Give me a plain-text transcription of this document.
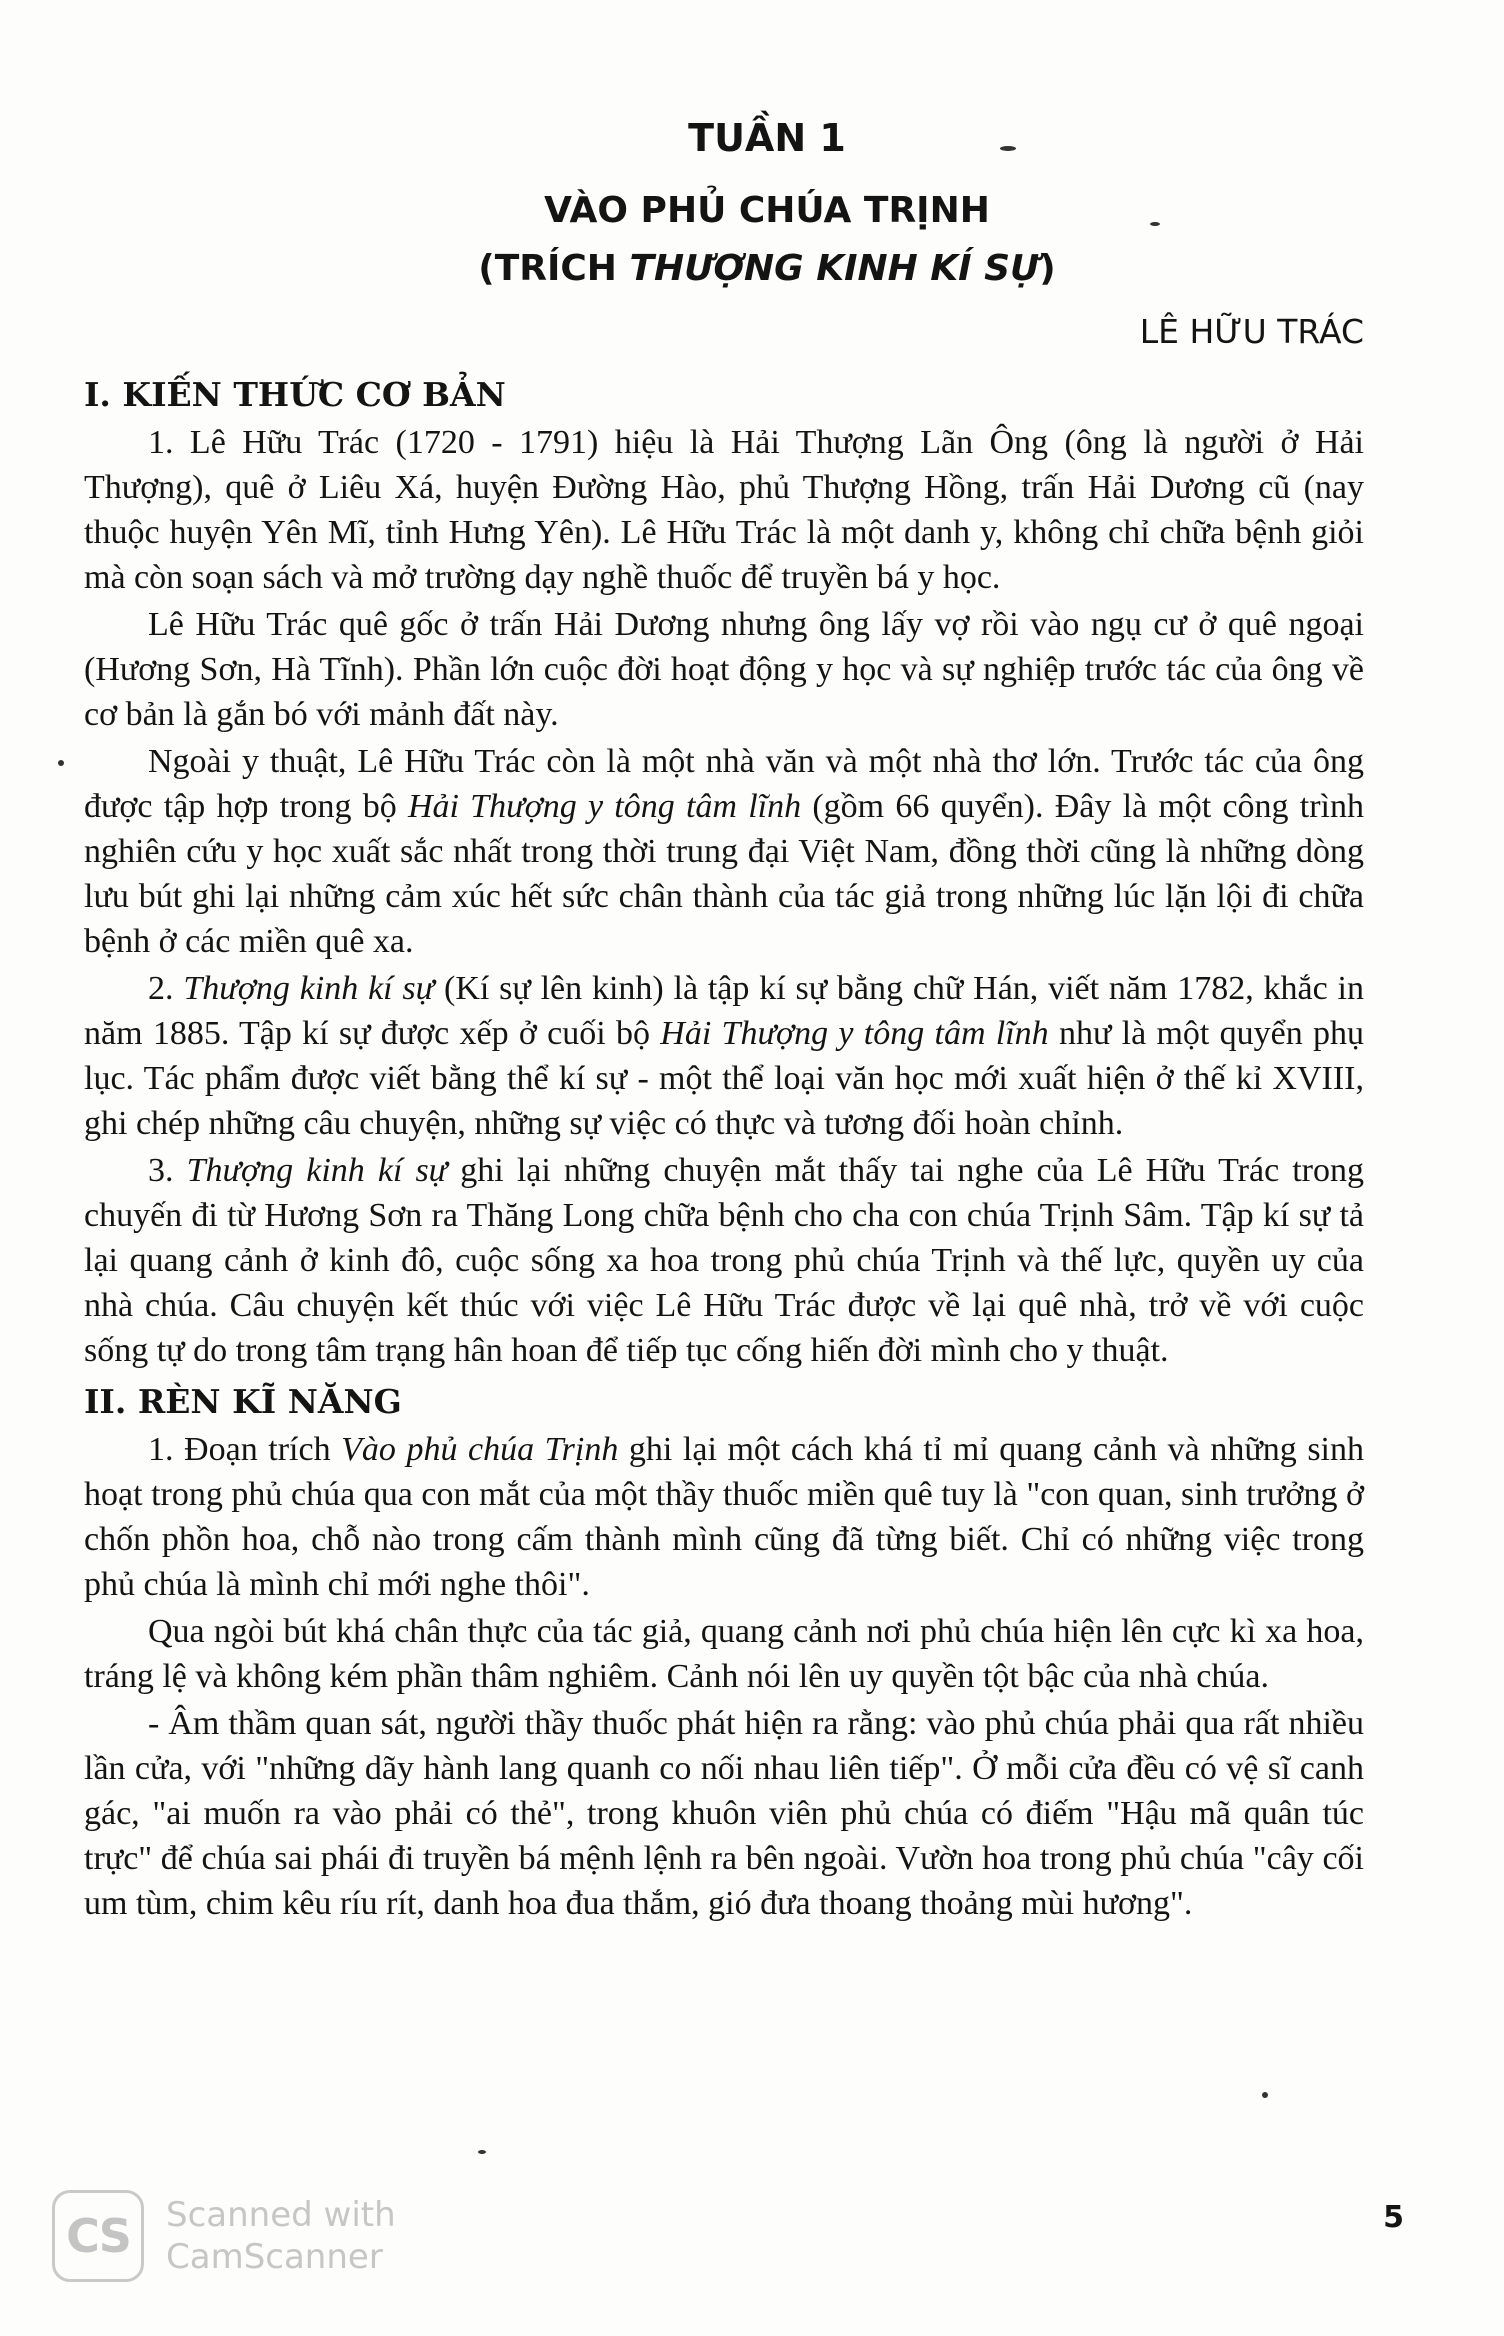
TUẦN 1
VÀO PHỦ CHÚA TRỊNH
(TRÍCH THƯỢNG KINH KÍ SỰ)
LÊ HỮU TRÁC
I. KIẾN THỨC CƠ BẢN

1. Lê Hữu Trác (1720 - 1791) hiệu là Hải Thượng Lãn Ông (ông là người ở Hải Thượng), quê ở Liêu Xá, huyện Đường Hào, phủ Thượng Hồng, trấn Hải Dương cũ (nay thuộc huyện Yên Mĩ, tỉnh Hưng Yên). Lê Hữu Trác là một danh y, không chỉ chữa bệnh giỏi mà còn soạn sách và mở trường dạy nghề thuốc để truyền bá y học.

Lê Hữu Trác quê gốc ở trấn Hải Dương nhưng ông lấy vợ rồi vào ngụ cư ở quê ngoại (Hương Sơn, Hà Tĩnh). Phần lớn cuộc đời hoạt động y học và sự nghiệp trước tác của ông về cơ bản là gắn bó với mảnh đất này.

Ngoài y thuật, Lê Hữu Trác còn là một nhà văn và một nhà thơ lớn. Trước tác của ông được tập hợp trong bộ Hải Thượng y tông tâm lĩnh (gồm 66 quyển). Đây là một công trình nghiên cứu y học xuất sắc nhất trong thời trung đại Việt Nam, đồng thời cũng là những dòng lưu bút ghi lại những cảm xúc hết sức chân thành của tác giả trong những lúc lặn lội đi chữa bệnh ở các miền quê xa.

2. Thượng kinh kí sự (Kí sự lên kinh) là tập kí sự bằng chữ Hán, viết năm 1782, khắc in năm 1885. Tập kí sự được xếp ở cuối bộ Hải Thượng y tông tâm lĩnh như là một quyển phụ lục. Tác phẩm được viết bằng thể kí sự - một thể loại văn học mới xuất hiện ở thế kỉ XVIII, ghi chép những câu chuyện, những sự việc có thực và tương đối hoàn chỉnh.

3. Thượng kinh kí sự ghi lại những chuyện mắt thấy tai nghe của Lê Hữu Trác trong chuyến đi từ Hương Sơn ra Thăng Long chữa bệnh cho cha con chúa Trịnh Sâm. Tập kí sự tả lại quang cảnh ở kinh đô, cuộc sống xa hoa trong phủ chúa Trịnh và thế lực, quyền uy của nhà chúa. Câu chuyện kết thúc với việc Lê Hữu Trác được về lại quê nhà, trở về với cuộc sống tự do trong tâm trạng hân hoan để tiếp tục cống hiến đời mình cho y thuật.

II. RÈN KĨ NĂNG

1. Đoạn trích Vào phủ chúa Trịnh ghi lại một cách khá tỉ mỉ quang cảnh và những sinh hoạt trong phủ chúa qua con mắt của một thầy thuốc miền quê tuy là "con quan, sinh trưởng ở chốn phồn hoa, chỗ nào trong cấm thành mình cũng đã từng biết. Chỉ có những việc trong phủ chúa là mình chỉ mới nghe thôi".

Qua ngòi bút khá chân thực của tác giả, quang cảnh nơi phủ chúa hiện lên cực kì xa hoa, tráng lệ và không kém phần thâm nghiêm. Cảnh nói lên uy quyền tột bậc của nhà chúa.

- Âm thầm quan sát, người thầy thuốc phát hiện ra rằng: vào phủ chúa phải qua rất nhiều lần cửa, với "những dãy hành lang quanh co nối nhau liên tiếp". Ở mỗi cửa đều có vệ sĩ canh gác, "ai muốn ra vào phải có thẻ", trong khuôn viên phủ chúa có điếm "Hậu mã quân túc trực" để chúa sai phái đi truyền bá mệnh lệnh ra bên ngoài. Vườn hoa trong phủ chúa "cây cối um tùm, chim kêu ríu rít, danh hoa đua thắm, gió đưa thoang thoảng mùi hương".

CS	Scanned with
CamScanner
5
